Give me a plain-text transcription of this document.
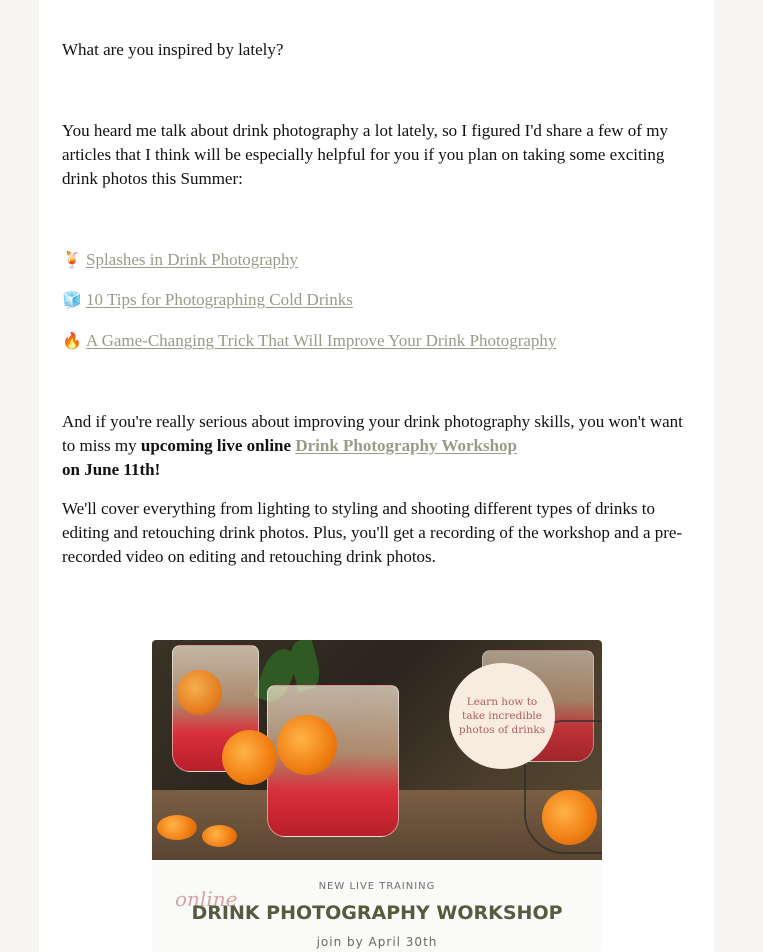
What are you inspired by lately?
You heard me talk about drink photography a lot lately, so I figured I'd share a few of my articles that I think will be especially helpful for you if you plan on taking some exciting drink photos this Summer:
🍹 Splashes in Drink Photography
🧊 10 Tips for Photographing Cold Drinks
🔥 A Game-Changing Trick That Will Improve Your Drink Photography
And if you're really serious about improving your drink photography skills, you won't want to miss my upcoming live online Drink Photography Workshop
on June 11th!
We'll cover everything from lighting to styling and shooting different types of drinks to editing and retouching drink photos. Plus, you'll get a recording of the workshop and a pre-recorded video on editing and retouching drink photos.
Learn how to take incredible photos of drinks
NEW LIVE TRAINING
online
DRINK PHOTOGRAPHY WORKSHOP
join by April 30th
